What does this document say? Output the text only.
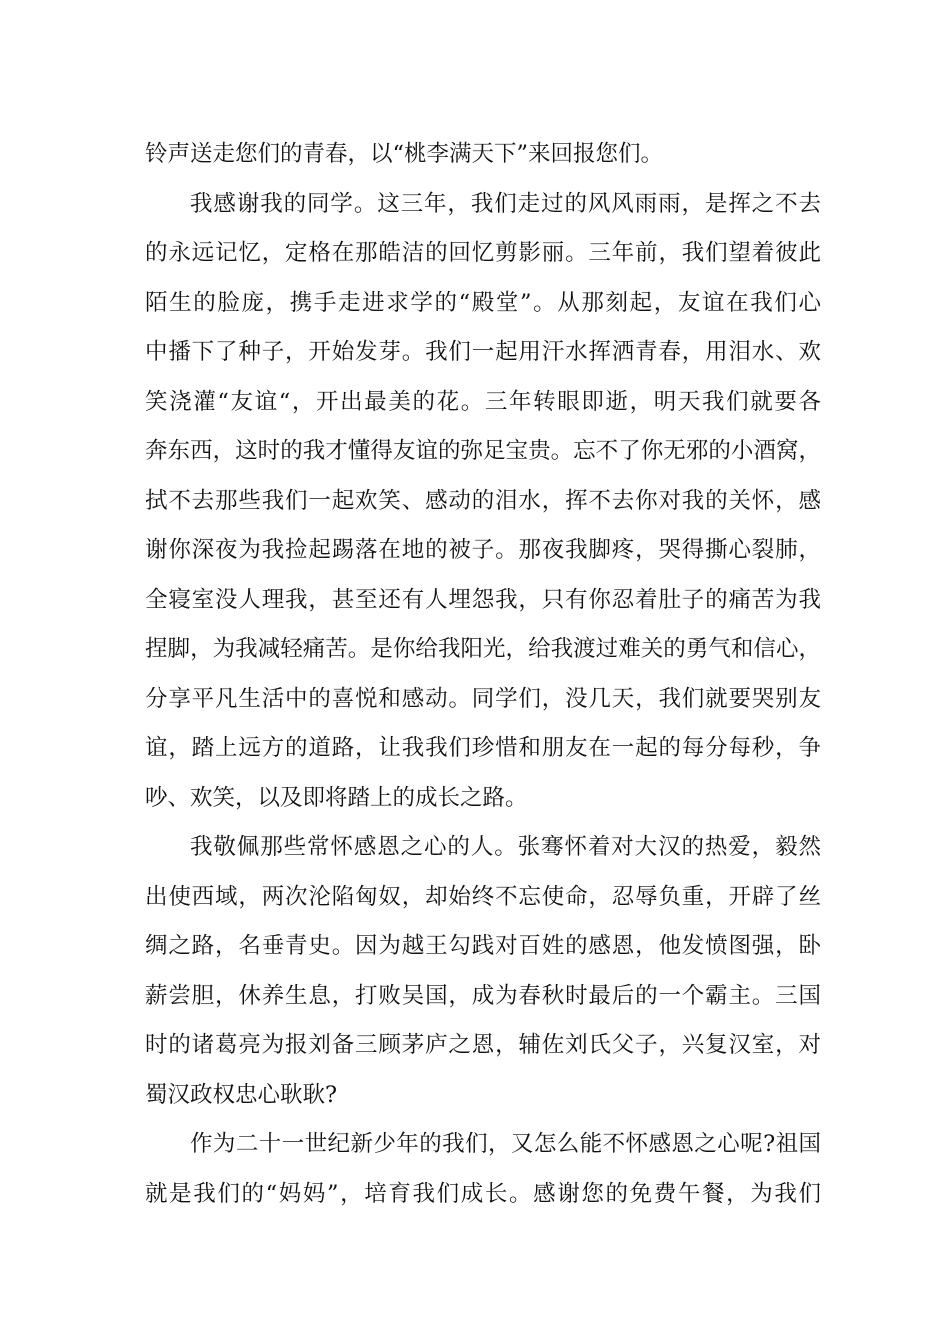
铃声送走您们的青春，以“桃李满天下”来回报您们。
我感谢我的同学。这三年，我们走过的风风雨雨，是挥之不去
的永远记忆，定格在那皓洁的回忆剪影丽。三年前，我们望着彼此
陌生的脸庞，携手走进求学的“殿堂”。从那刻起，友谊在我们心
中播下了种子，开始发芽。我们一起用汗水挥洒青春，用泪水、欢
笑浇灌“友谊“，开出最美的花。三年转眼即逝，明天我们就要各
奔东西，这时的我才懂得友谊的弥足宝贵。忘不了你无邪的小酒窝，
拭不去那些我们一起欢笑、感动的泪水，挥不去你对我的关怀，感
谢你深夜为我捡起踢落在地的被子。那夜我脚疼，哭得撕心裂肺，
全寝室没人理我，甚至还有人埋怨我，只有你忍着肚子的痛苦为我
捏脚，为我减轻痛苦。是你给我阳光，给我渡过难关的勇气和信心，
分享平凡生活中的喜悦和感动。同学们，没几天，我们就要哭别友
谊，踏上远方的道路，让我我们珍惜和朋友在一起的每分每秒，争
吵、欢笑，以及即将踏上的成长之路。
我敬佩那些常怀感恩之心的人。张骞怀着对大汉的热爱，毅然
出使西域，两次沦陷匈奴，却始终不忘使命，忍辱负重，开辟了丝
绸之路，名垂青史。因为越王勾践对百姓的感恩，他发愤图强，卧
薪尝胆，休养生息，打败吴国，成为春秋时最后的一个霸主。三国
时的诸葛亮为报刘备三顾茅庐之恩，辅佐刘氏父子，兴复汉室，对
蜀汉政权忠心耿耿?
作为二十一世纪新少年的我们，又怎么能不怀感恩之心呢?祖国
就是我们的“妈妈”，培育我们成长。感谢您的免费午餐，为我们
